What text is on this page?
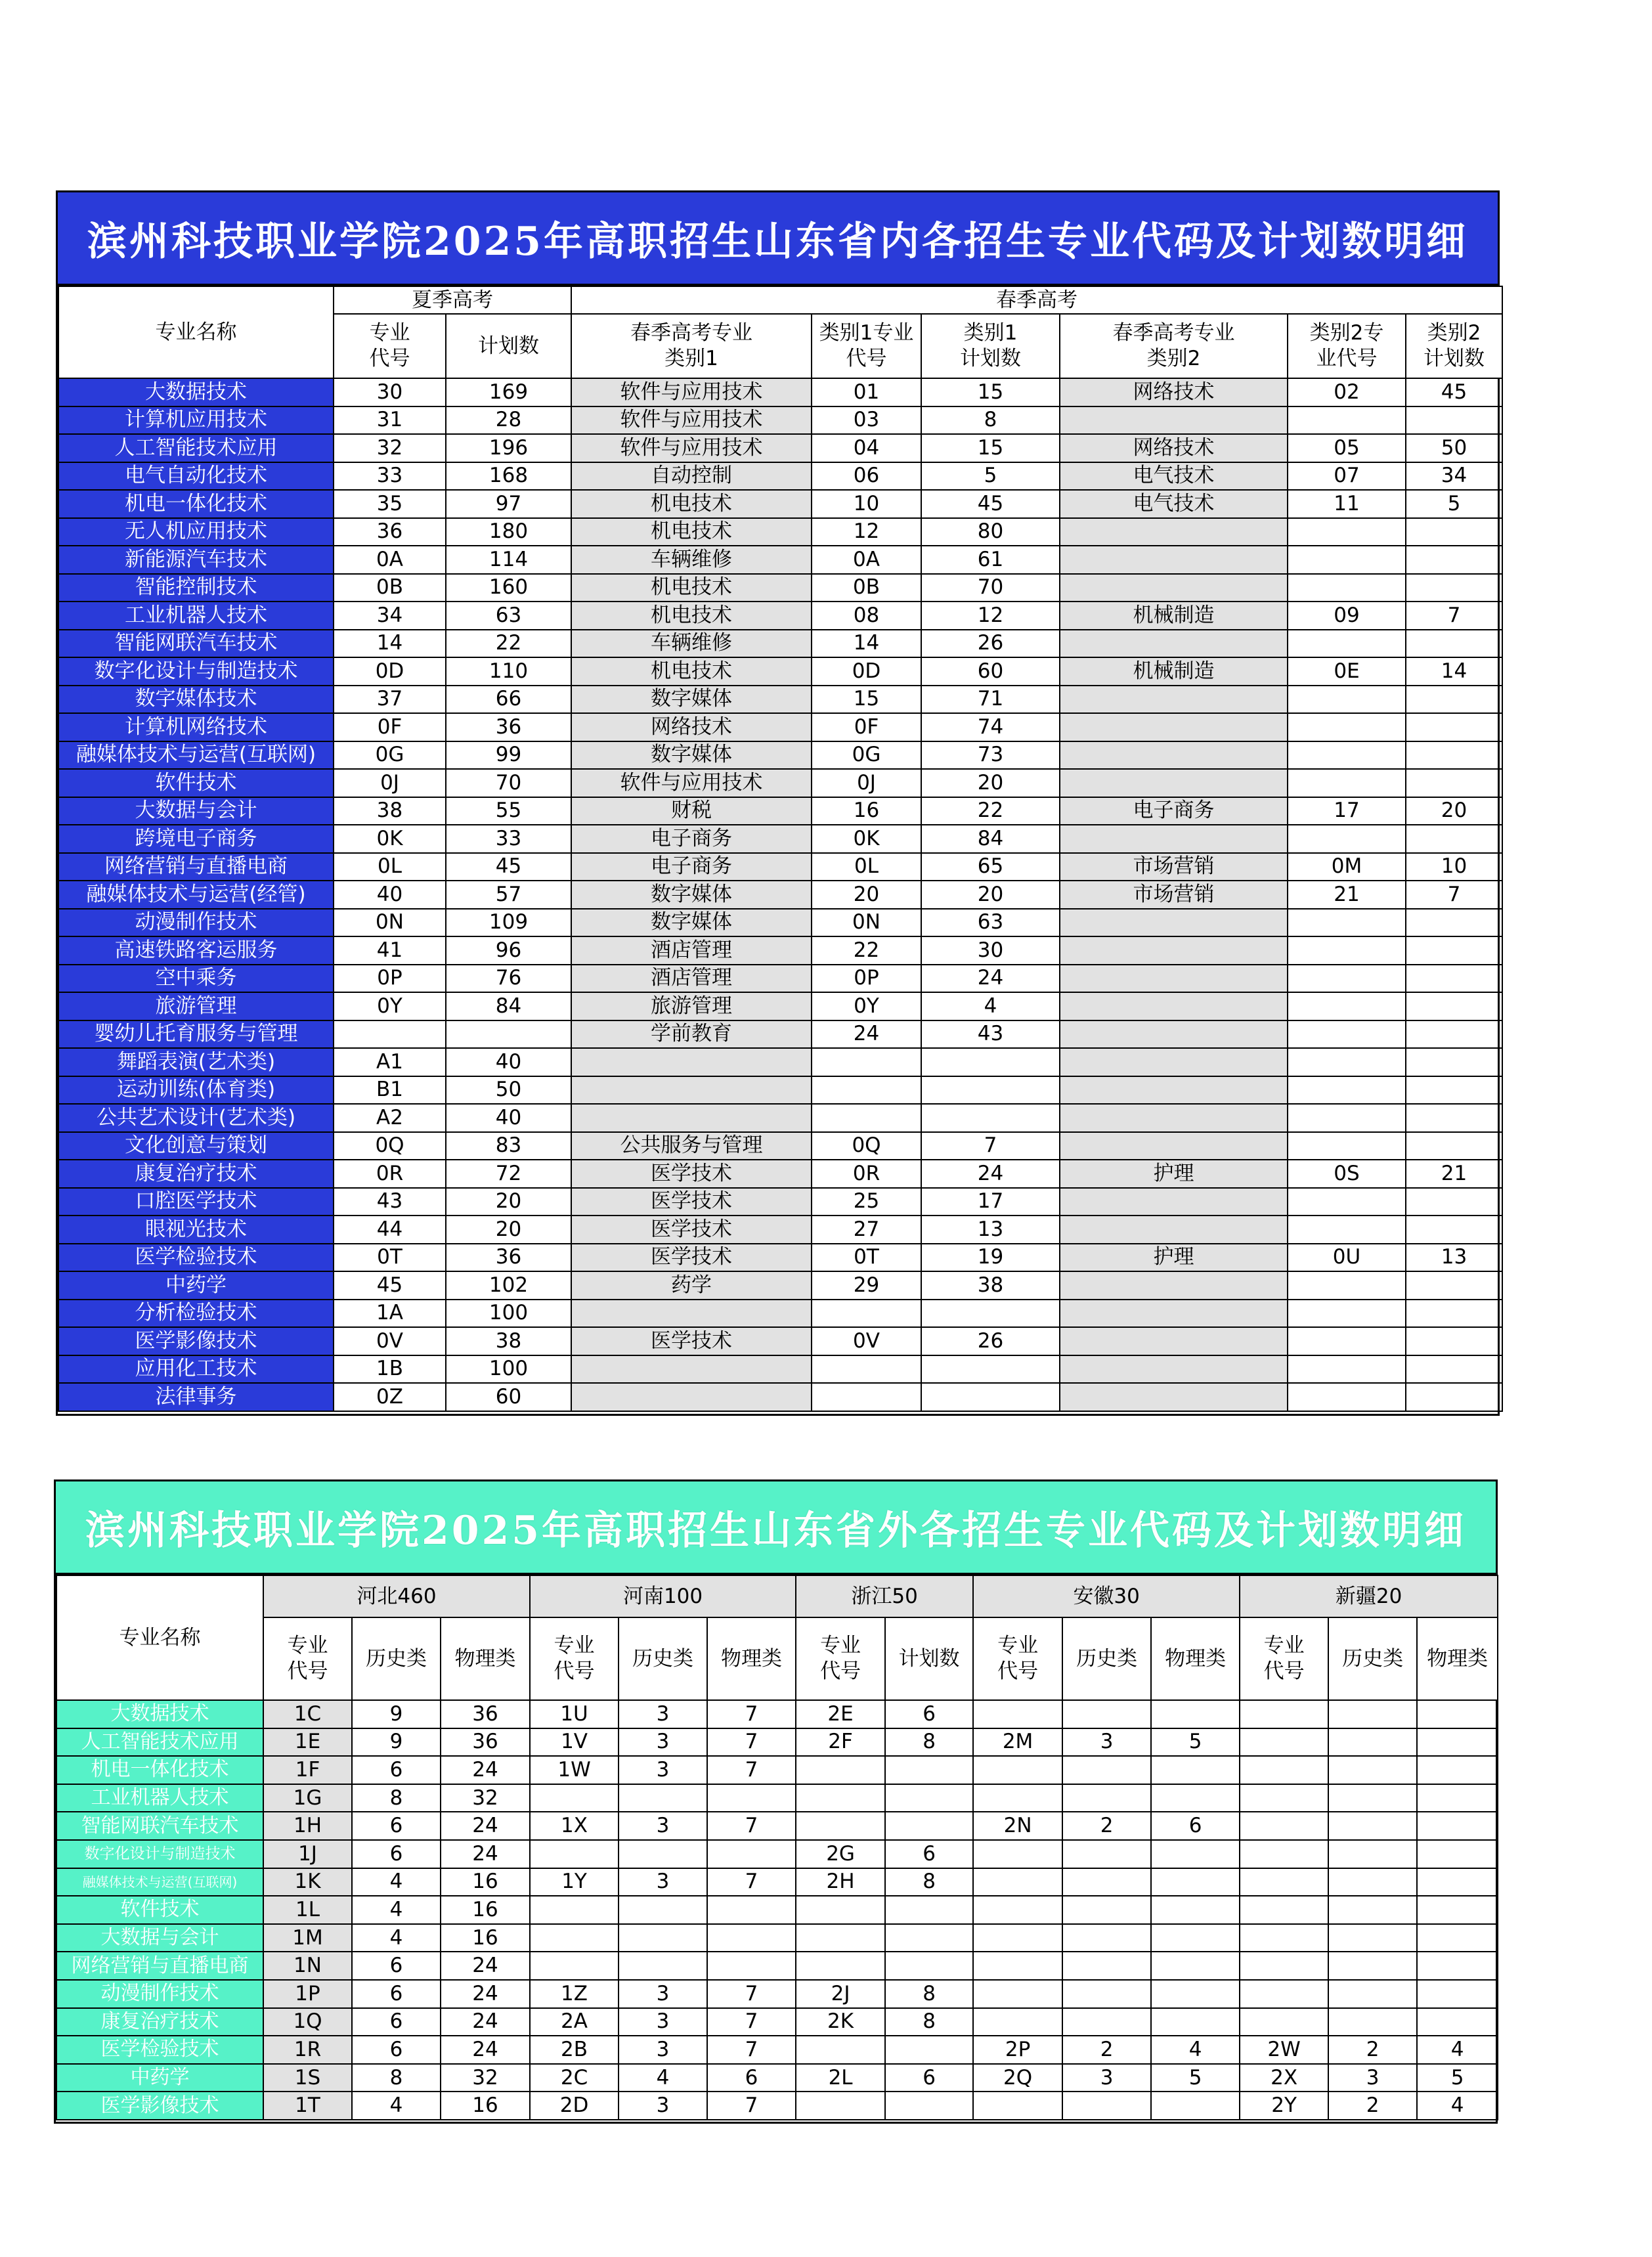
滨州科技职业学院2025年高职招生山东省内各招生专业代码及计划数明细
专业名称	夏季高考		春季高考					
	专业代号	计划数	春季高考专业类别1	类别1专业代号	类别1计划数	春季高考专业类别2	类别2专业代号	类别2计划数
大数据技术	30	169	软件与应用技术	01	15	网络技术	02	45
计算机应用技术	31	28	软件与应用技术	03	8			
人工智能技术应用	32	196	软件与应用技术	04	15	网络技术	05	50
电气自动化技术	33	168	自动控制	06	5	电气技术	07	34
机电一体化技术	35	97	机电技术	10	45	电气技术	11	5
无人机应用技术	36	180	机电技术	12	80			
新能源汽车技术	0A	114	车辆维修	0A	61			
智能控制技术	0B	160	机电技术	0B	70			
工业机器人技术	34	63	机电技术	08	12	机械制造	09	7
智能网联汽车技术	14	22	车辆维修	14	26			
数字化设计与制造技术	0D	110	机电技术	0D	60	机械制造	0E	14
数字媒体技术	37	66	数字媒体	15	71			
计算机网络技术	0F	36	网络技术	0F	74			
融媒体技术与运营(互联网)	0G	99	数字媒体	0G	73			
软件技术	0J	70	软件与应用技术	0J	20			
大数据与会计	38	55	财税	16	22	电子商务	17	20
跨境电子商务	0K	33	电子商务	0K	84			
网络营销与直播电商	0L	45	电子商务	0L	65	市场营销	0M	10
融媒体技术与运营(经管)	40	57	数字媒体	20	20	市场营销	21	7
动漫制作技术	0N	109	数字媒体	0N	63			
高速铁路客运服务	41	96	酒店管理	22	30			
空中乘务	0P	76	酒店管理	0P	24			
旅游管理	0Y	84	旅游管理	0Y	4			
婴幼儿托育服务与管理			学前教育	24	43			
舞蹈表演(艺术类)	A1	40						
运动训练(体育类)	B1	50						
公共艺术设计(艺术类)	A2	40						
文化创意与策划	0Q	83	公共服务与管理	0Q	7			
康复治疗技术	0R	72	医学技术	0R	24	护理	0S	21
口腔医学技术	43	20	医学技术	25	17			
眼视光技术	44	20	医学技术	27	13			
医学检验技术	0T	36	医学技术	0T	19	护理	0U	13
中药学	45	102	药学	29	38			
分析检验技术	1A	100						
医学影像技术	0V	38	医学技术	0V	26			
应用化工技术	1B	100						
法律事务	0Z	60						
滨州科技职业学院2025年高职招生山东省外各招生专业代码及计划数明细
专业名称	河北460			河南100			浙江50		安徽30			新疆20		
	专业代号	历史类	物理类	专业代号	历史类	物理类	专业代号	计划数	专业代号	历史类	物理类	专业代号	历史类	物理类
大数据技术	1C	9	36	1U	3	7	2E	6						
人工智能技术应用	1E	9	36	1V	3	7	2F	8	2M	3	5			
机电一体化技术	1F	6	24	1W	3	7								
工业机器人技术	1G	8	32											
智能网联汽车技术	1H	6	24	1X	3	7			2N	2	6			
数字化设计与制造技术	1J	6	24				2G	6						
融媒体技术与运营(互联网)	1K	4	16	1Y	3	7	2H	8						
软件技术	1L	4	16											
大数据与会计	1M	4	16											
网络营销与直播电商	1N	6	24											
动漫制作技术	1P	6	24	1Z	3	7	2J	8						
康复治疗技术	1Q	6	24	2A	3	7	2K	8						
医学检验技术	1R	6	24	2B	3	7			2P	2	4	2W	2	4
中药学	1S	8	32	2C	4	6	2L	6	2Q	3	5	2X	3	5
医学影像技术	1T	4	16	2D	3	7						2Y	2	4
